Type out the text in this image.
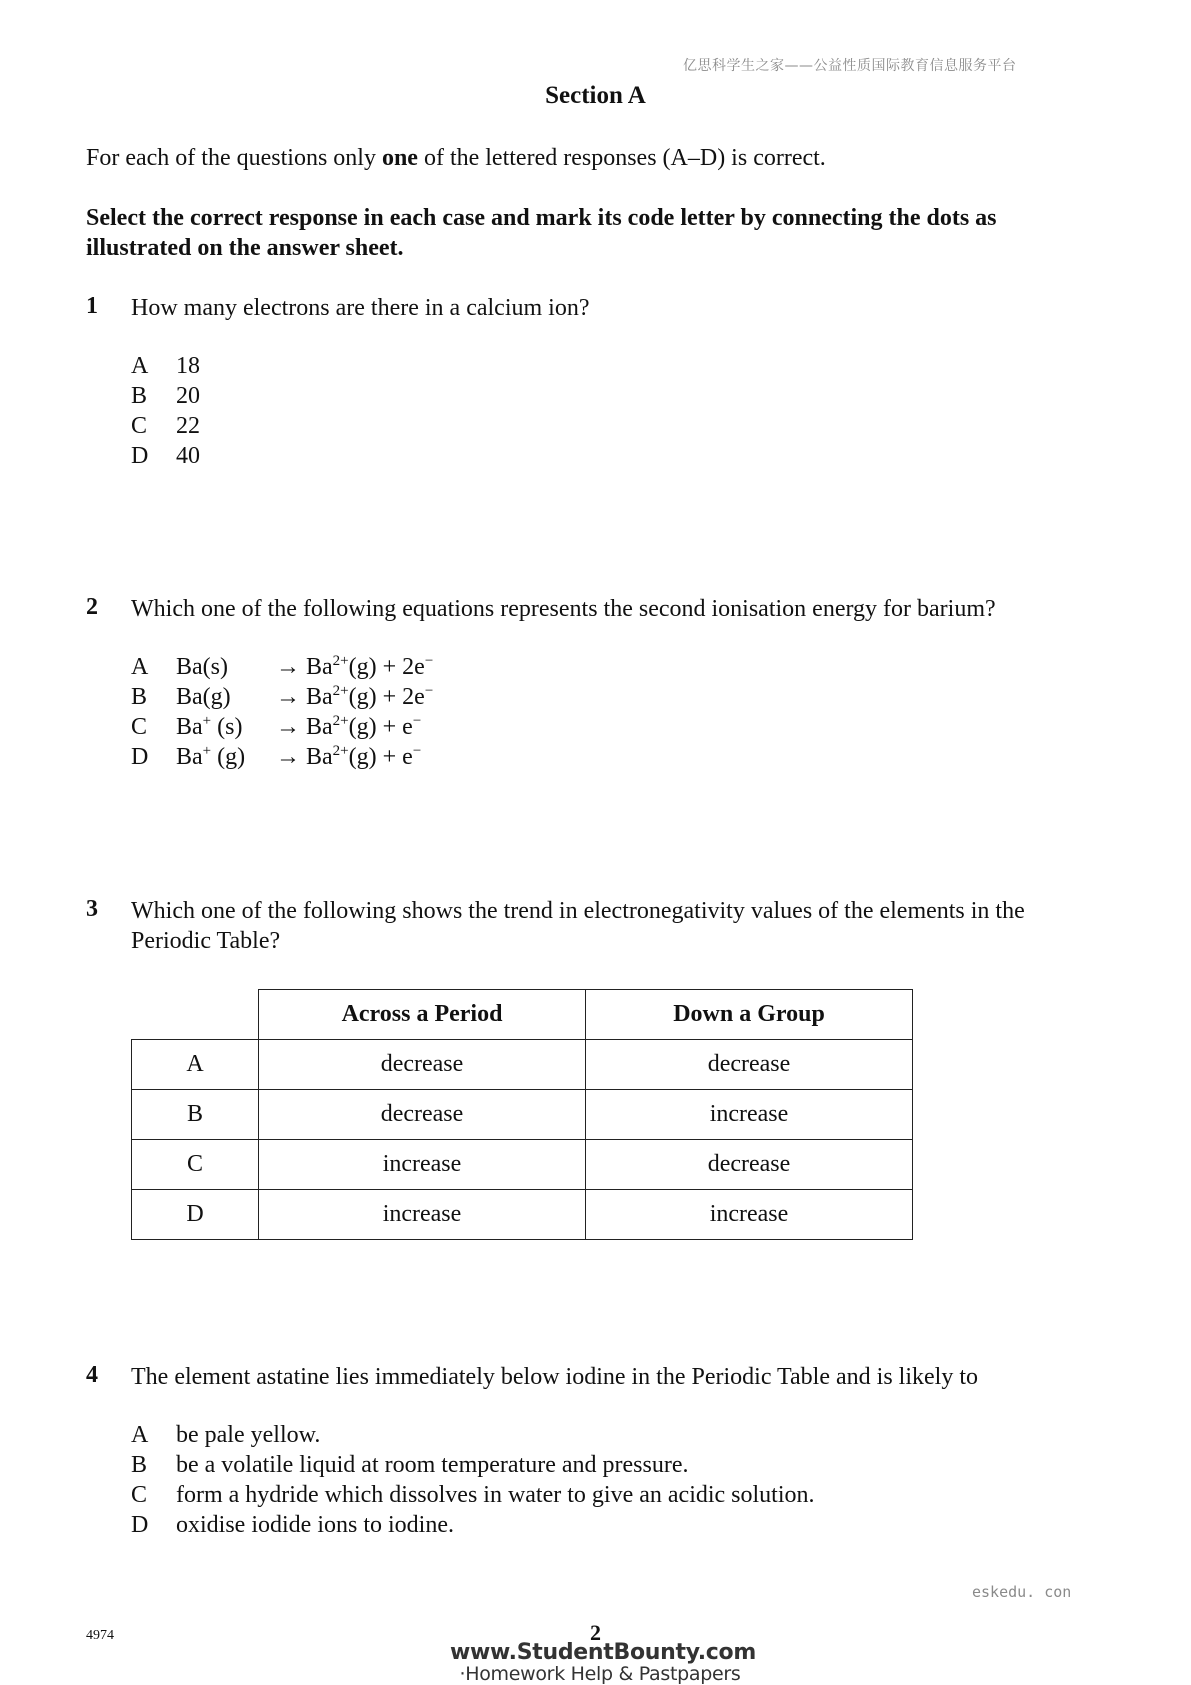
亿思科学生之家——公益性质国际教育信息服务平台
Section A
For each of the questions only one of the lettered responses (A–D) is correct.
Select the correct response in each case and mark its code letter by connecting the dots as
illustrated on the answer sheet.
1 How many electrons are there in a calcium ion?
A 18
B 20
C 22
D 40
2 Which one of the following equations represents the second ionisation energy for barium?
A $Ba(s) \to Ba^{2+}(g) + 2e^-$
B $Ba(g) \to Ba^{2+}(g) + 2e^-$
C Ba+ $(s) \to Ba^{2+}(g) + e^-$
D Ba+ $(g) \to Ba^{2+}(g) + e^-$
3 Which one of the following shows the trend in electronegativity values of the elements in the
Periodic Table?
	Across a Period	Down a Group
A	decrease	decrease
B	decrease	increase
C	increase	decrease
D	increase	increase
4 The element astatine lies immediately below iodine in the Periodic Table and is likely to
A be pale yellow.
B be a volatile liquid at room temperature and pressure.
C form a hydride which dissolves in water to give an acidic solution.
D oxidise iodide ions to iodine.
eskedu. con
4974	2
www.StudentBounty.com
·Homework Help & Pastpapers
